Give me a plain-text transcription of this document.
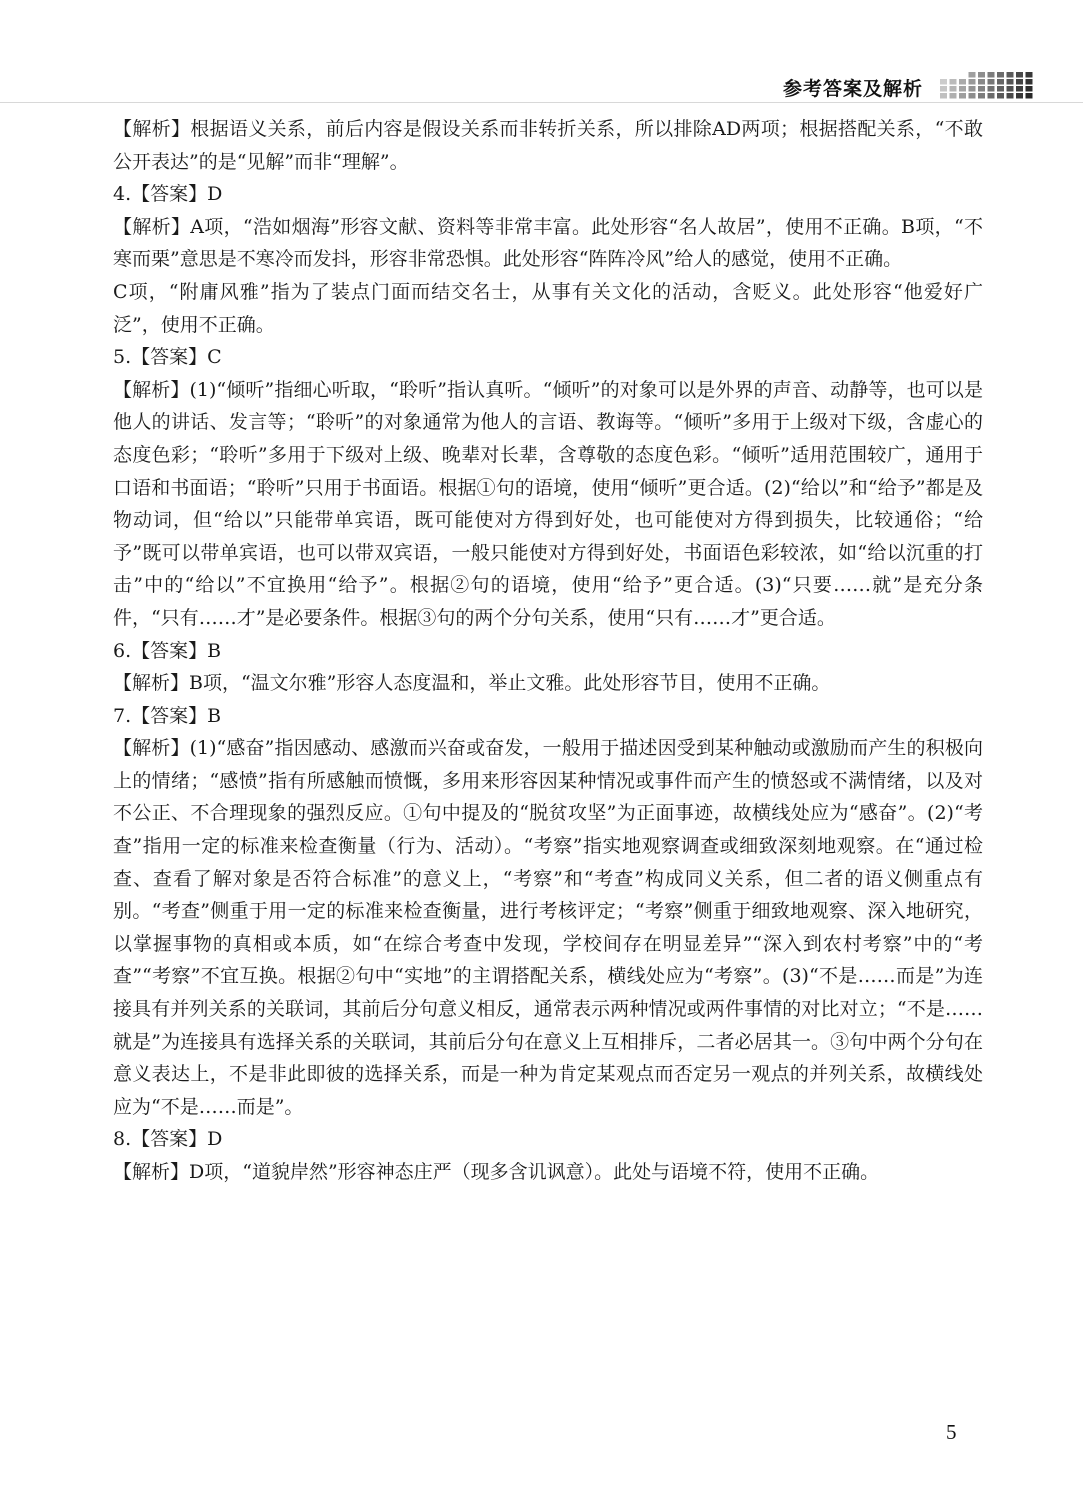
参考答案及解析

【解析】根据语义关系，前后内容是假设关系而非转折关系，所以排除AD两项；根据搭配关系，“不敢公开表达”的是“见解”而非“理解”。

4.【答案】D

【解析】A项，“浩如烟海”形容文献、资料等非常丰富。此处形容“名人故居”，使用不正确。B项，“不寒而栗”意思是不寒冷而发抖，形容非常恐惧。此处形容“阵阵冷风”给人的感觉，使用不正确。

C项，“附庸风雅”指为了装点门面而结交名士，从事有关文化的活动，含贬义。此处形容“他爱好广泛”，使用不正确。

5.【答案】C

【解析】(1)“倾听”指细心听取，“聆听”指认真听。“倾听”的对象可以是外界的声音、动静等，也可以是他人的讲话、发言等；“聆听”的对象通常为他人的言语、教诲等。“倾听”多用于上级对下级，含虚心的态度色彩；“聆听”多用于下级对上级、晚辈对长辈，含尊敬的态度色彩。“倾听”适用范围较广，通用于口语和书面语；“聆听”只用于书面语。根据①句的语境，使用“倾听”更合适。(2)“给以”和“给予”都是及物动词，但“给以”只能带单宾语，既可能使对方得到好处，也可能使对方得到损失，比较通俗；“给予”既可以带单宾语，也可以带双宾语，一般只能使对方得到好处，书面语色彩较浓，如“给以沉重的打击”中的“给以”不宜换用“给予”。根据②句的语境，使用“给予”更合适。(3)“只要……就”是充分条件，“只有……才”是必要条件。根据③句的两个分句关系，使用“只有……才”更合适。

6.【答案】B

【解析】B项，“温文尔雅”形容人态度温和，举止文雅。此处形容节目，使用不正确。

7.【答案】B

【解析】(1)“感奋”指因感动、感激而兴奋或奋发，一般用于描述因受到某种触动或激励而产生的积极向上的情绪；“感愤”指有所感触而愤慨，多用来形容因某种情况或事件而产生的愤怒或不满情绪，以及对不公正、不合理现象的强烈反应。①句中提及的“脱贫攻坚”为正面事迹，故横线处应为“感奋”。(2)“考查”指用一定的标准来检查衡量（行为、活动）。“考察”指实地观察调查或细致深刻地观察。在“通过检查、查看了解对象是否符合标准”的意义上，“考察”和“考查”构成同义关系，但二者的语义侧重点有别。“考查”侧重于用一定的标准来检查衡量，进行考核评定；“考察”侧重于细致地观察、深入地研究，以掌握事物的真相或本质，如“在综合考查中发现，学校间存在明显差异”“深入到农村考察”中的“考查”“考察”不宜互换。根据②句中“实地”的主谓搭配关系，横线处应为“考察”。(3)“不是……而是”为连接具有并列关系的关联词，其前后分句意义相反，通常表示两种情况或两件事情的对比对立；“不是……就是”为连接具有选择关系的关联词，其前后分句在意义上互相排斥，二者必居其一。③句中两个分句在意义表达上，不是非此即彼的选择关系，而是一种为肯定某观点而否定另一观点的并列关系，故横线处应为“不是……而是”。

8.【答案】D

【解析】D项，“道貌岸然”形容神态庄严（现多含讥讽意）。此处与语境不符，使用不正确。

5
